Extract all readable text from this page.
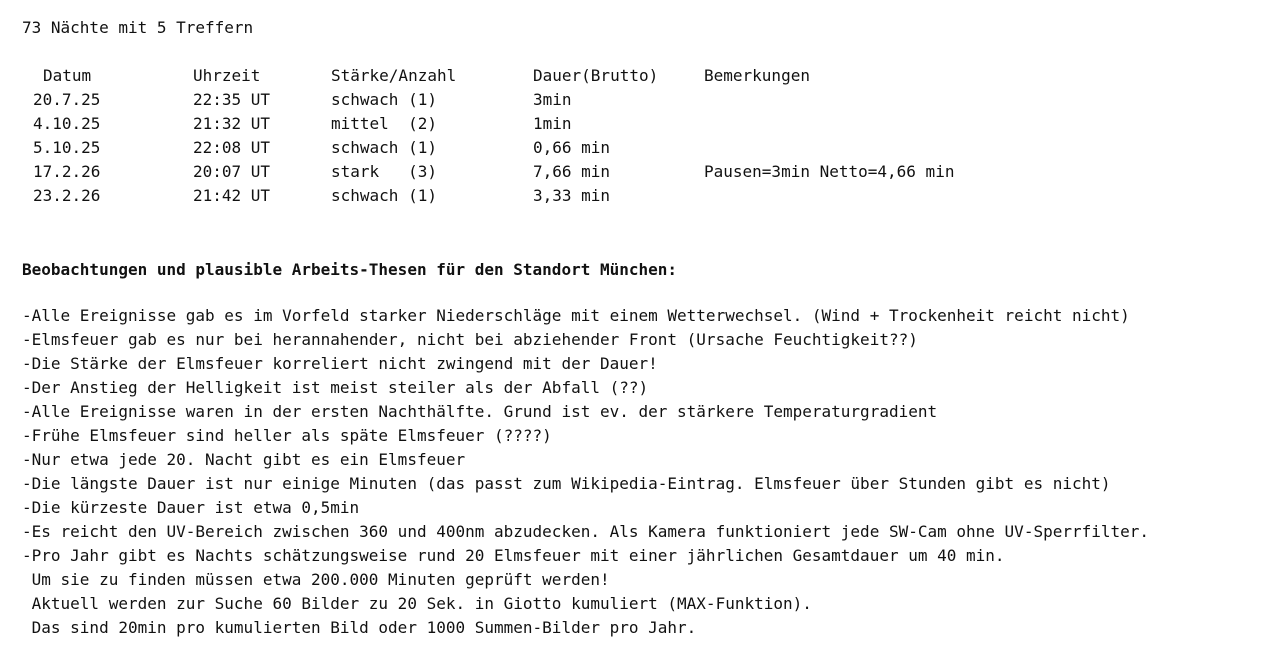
73 Nächte mit 5 Treffern
Datum	Uhrzeit	Stärke/Anzahl	Dauer(Brutto)	Bemerkungen
20.7.25	22:35 UT	schwach (1)	3min
4.10.25	21:32 UT	mittel  (2)	1min
5.10.25	22:08 UT	schwach (1)	0,66 min
17.2.26	20:07 UT	stark   (3)	7,66 min	Pausen=3min Netto=4,66 min
23.2.26	21:42 UT	schwach (1)	3,33 min
Beobachtungen und plausible Arbeits-Thesen für den Standort München:
-Alle Ereignisse gab es im Vorfeld starker Niederschläge mit einem Wetterwechsel. (Wind + Trockenheit reicht nicht)
-Elmsfeuer gab es nur bei herannahender, nicht bei abziehender Front (Ursache Feuchtigkeit??)
-Die Stärke der Elmsfeuer korreliert nicht zwingend mit der Dauer!
-Der Anstieg der Helligkeit ist meist steiler als der Abfall (??)
-Alle Ereignisse waren in der ersten Nachthälfte. Grund ist ev. der stärkere Temperaturgradient
-Frühe Elmsfeuer sind heller als späte Elmsfeuer (????)
-Nur etwa jede 20. Nacht gibt es ein Elmsfeuer
-Die längste Dauer ist nur einige Minuten (das passt zum Wikipedia-Eintrag. Elmsfeuer über Stunden gibt es nicht)
-Die kürzeste Dauer ist etwa 0,5min
-Es reicht den UV-Bereich zwischen 360 und 400nm abzudecken. Als Kamera funktioniert jede SW-Cam ohne UV-Sperrfilter.
-Pro Jahr gibt es Nachts schätzungsweise rund 20 Elmsfeuer mit einer jährlichen Gesamtdauer um 40 min.
Um sie zu finden müssen etwa 200.000 Minuten geprüft werden!
Aktuell werden zur Suche 60 Bilder zu 20 Sek. in Giotto kumuliert (MAX-Funktion).
Das sind 20min pro kumulierten Bild oder 1000 Summen-Bilder pro Jahr.
